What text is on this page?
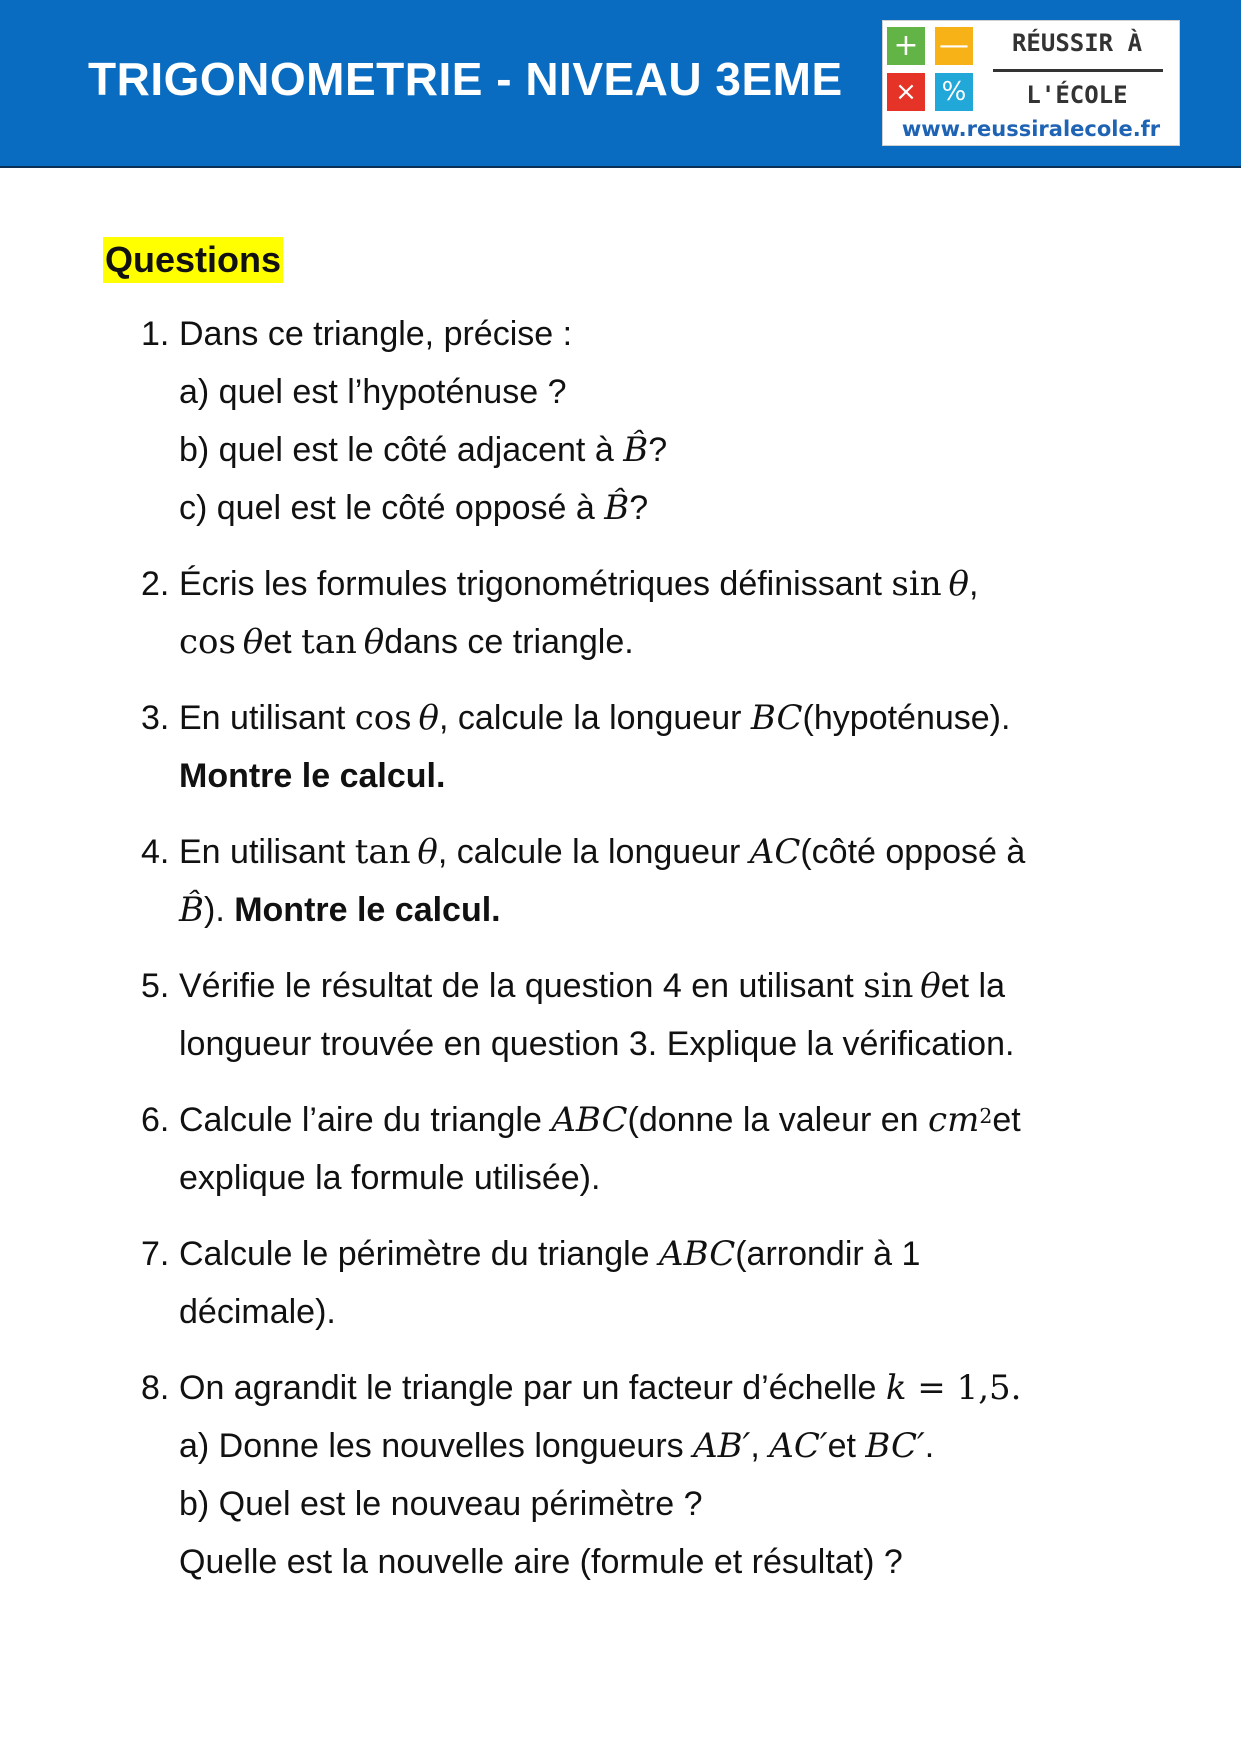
TRIGONOMETRIE - NIVEAU 3EME
+ —
× %
RÉUSSIR À
L'ÉCOLE
www.reussiralecole.fr
Questions
1. Dans ce triangle, précise :
a) quel est l’hypoténuse ?
b) quel est le côté adjacent à B̂?
c) quel est le côté opposé à B̂?
2. Écris les formules trigonométriques définissant sin  θ,
cos  θet tan  θdans ce triangle.
3. En utilisant cos  θ, calcule la longueur BC(hypoténuse).
Montre le calcul.
4. En utilisant tan  θ, calcule la longueur AC(côté opposé à
B̂). Montre le calcul.
5. Vérifie le résultat de la question 4 en utilisant sin  θet la
longueur trouvée en question 3. Explique la vérification.
6. Calcule l’aire du triangle ABC(donne la valeur en $cm^2et$
explique la formule utilisée).
7. Calcule le périmètre du triangle ABC(arrondir à 1
décimale).
8. On agrandit le triangle par un facteur d’échelle k = 1,5.
a) Donne les nouvelles longueurs AB′, AC′et BC′.
b) Quel est le nouveau périmètre ?
Quelle est la nouvelle aire (formule et résultat) ?
